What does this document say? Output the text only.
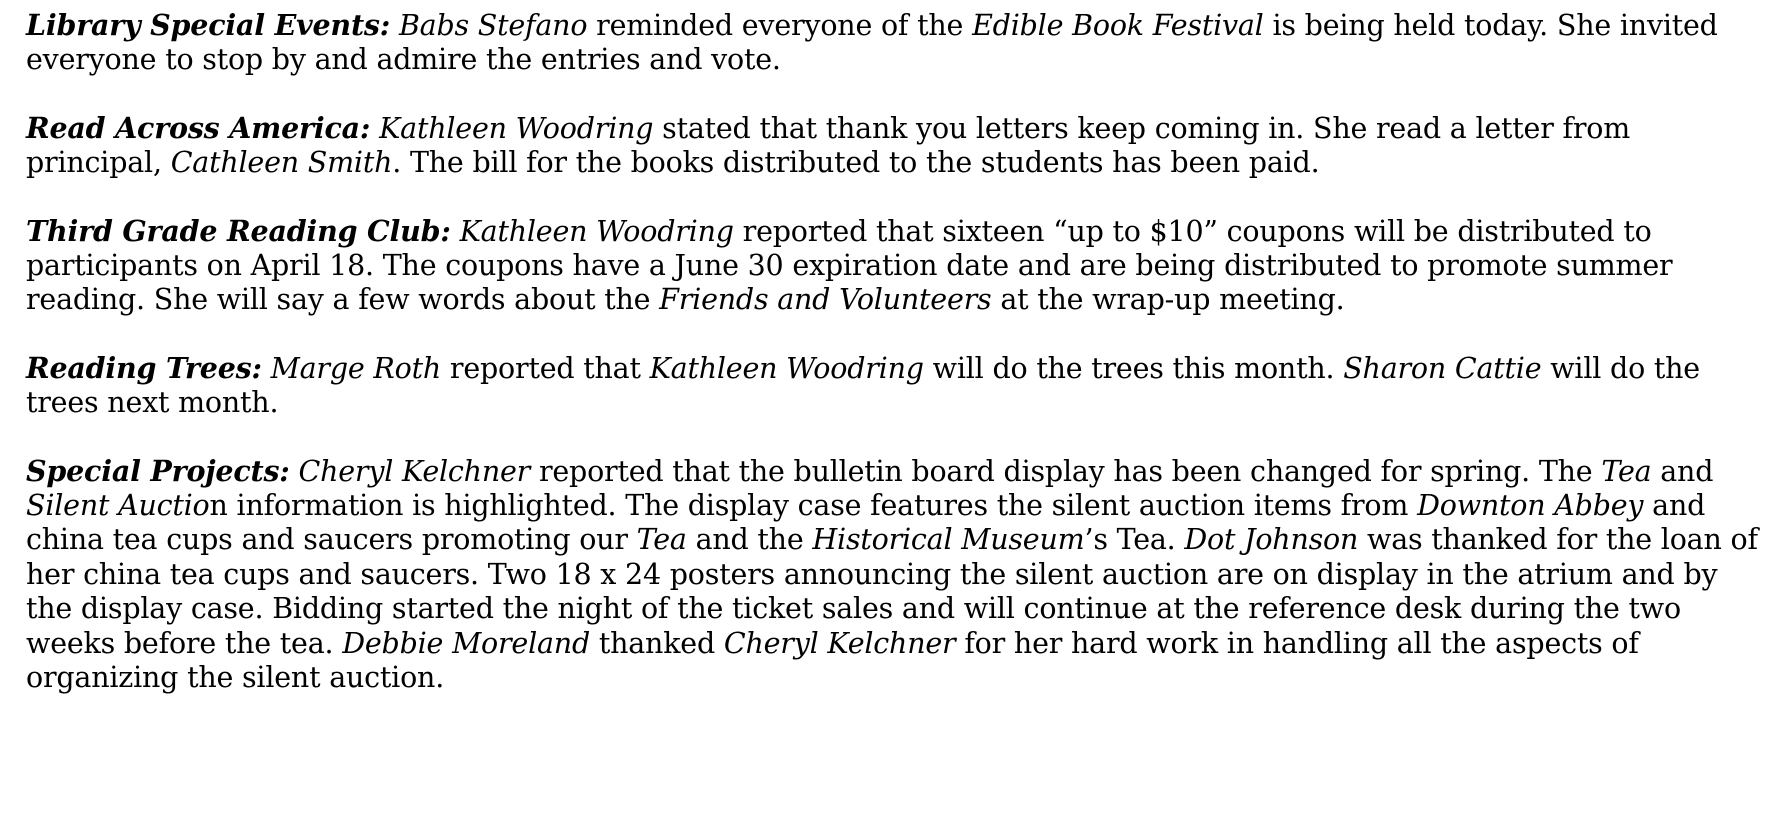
Library Special Events: Babs Stefano reminded everyone of the Edible Book Festival is being held today. She invited everyone to stop by and admire the entries and vote.

Read Across America: Kathleen Woodring stated that thank you letters keep coming in. She read a letter from principal, Cathleen Smith. The bill for the books distributed to the students has been paid.

Third Grade Reading Club: Kathleen Woodring reported that sixteen “up to $10” coupons will be distributed to participants on April 18. The coupons have a June 30 expiration date and are being distributed to promote summer reading. She will say a few words about the Friends and Volunteers at the wrap-up meeting.

Reading Trees: Marge Roth reported that Kathleen Woodring will do the trees this month. Sharon Cattie will do the trees next month.

Special Projects: Cheryl Kelchner reported that the bulletin board display has been changed for spring. The Tea and Silent Auction information is highlighted. The display case features the silent auction items from Downton Abbey and china tea cups and saucers promoting our Tea and the Historical Museum’s Tea. Dot Johnson was thanked for the loan of her china tea cups and saucers. Two 18 x 24 posters announcing the silent auction are on display in the atrium and by the display case. Bidding started the night of the ticket sales and will continue at the reference desk during the two weeks before the tea. Debbie Moreland thanked Cheryl Kelchner for her hard work in handling all the aspects of organizing the silent auction.
